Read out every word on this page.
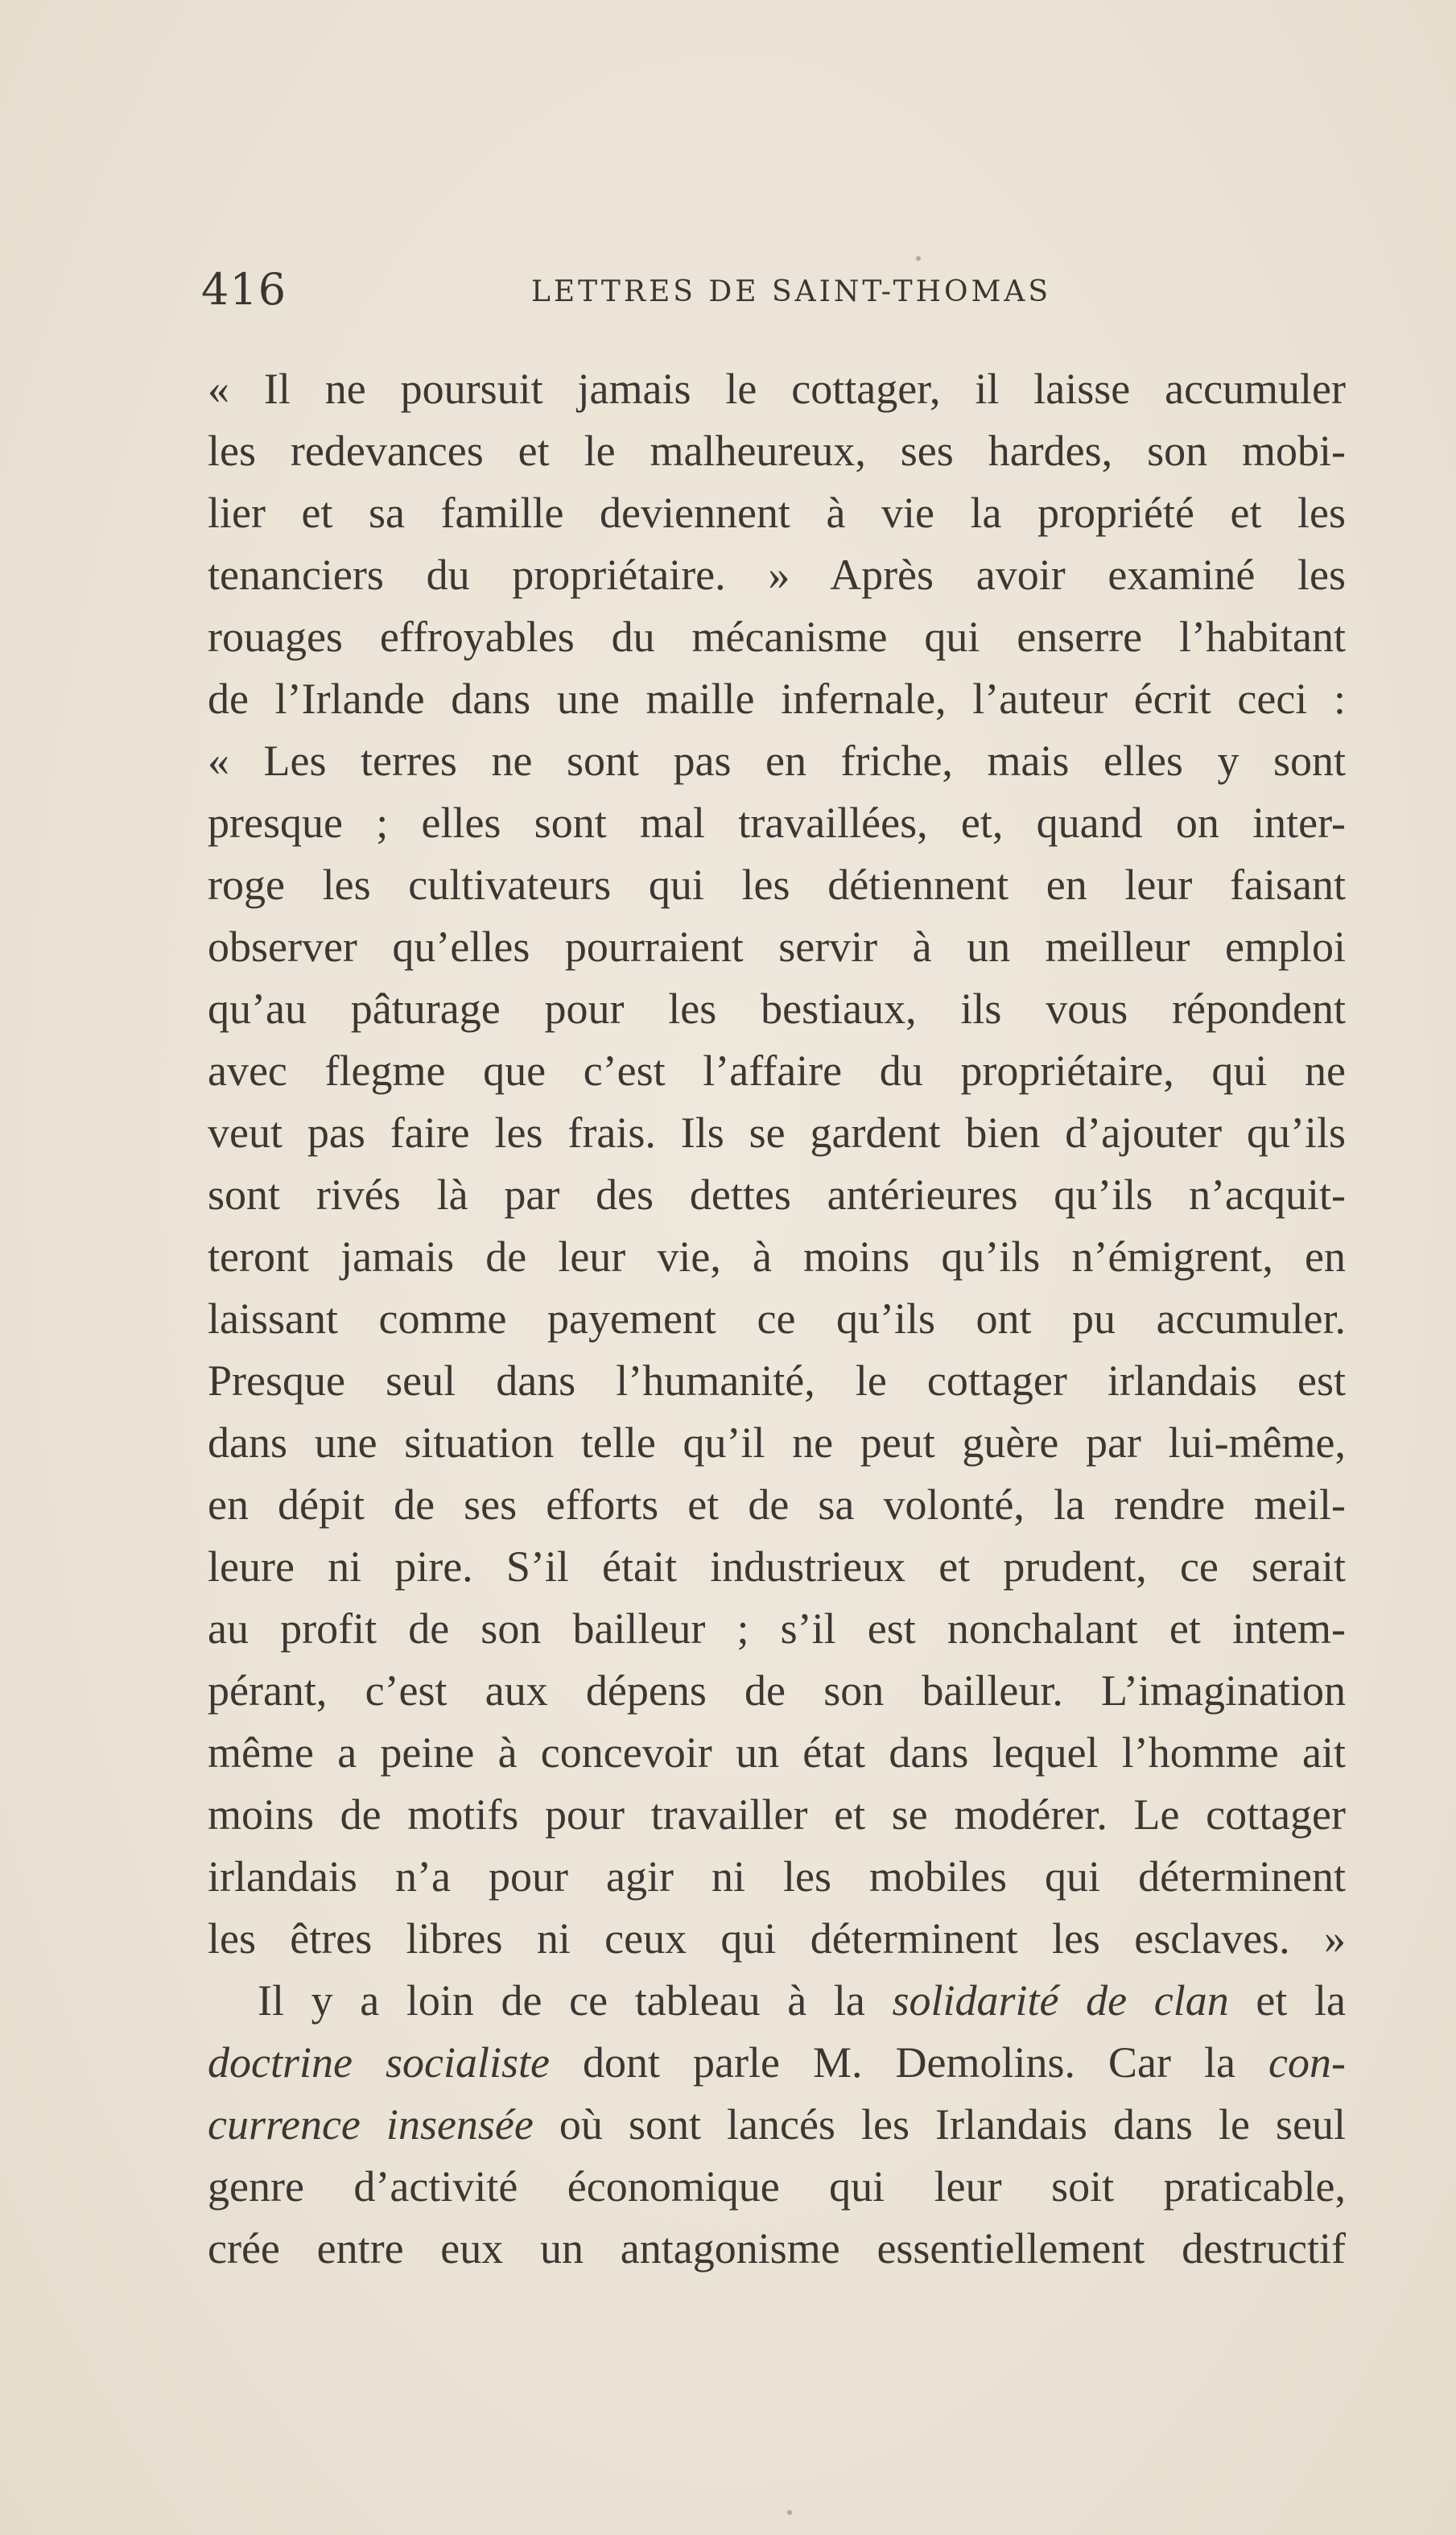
416	LETTRES DE SAINT-THOMAS
« Il ne poursuit jamais le cottager, il laisse accumuler
les redevances et le malheureux, ses hardes, son mobi-
lier et sa famille deviennent à vie la propriété et les
tenanciers du propriétaire. » Après avoir examiné les
rouages effroyables du mécanisme qui enserre l’habitant
de l’Irlande dans une maille infernale, l’auteur écrit ceci :
« Les terres ne sont pas en friche, mais elles y sont
presque ; elles sont mal travaillées, et, quand on inter-
roge les cultivateurs qui les détiennent en leur faisant
observer qu’elles pourraient servir à un meilleur emploi
qu’au pâturage pour les bestiaux, ils vous répondent
avec flegme que c’est l’affaire du propriétaire, qui ne
veut pas faire les frais. Ils se gardent bien d’ajouter qu’ils
sont rivés là par des dettes antérieures qu’ils n’acquit-
teront jamais de leur vie, à moins qu’ils n’émigrent, en
laissant comme payement ce qu’ils ont pu accumuler.
Presque seul dans l’humanité, le cottager irlandais est
dans une situation telle qu’il ne peut guère par lui-même,
en dépit de ses efforts et de sa volonté, la rendre meil-
leure ni pire. S’il était industrieux et prudent, ce serait
au profit de son bailleur ; s’il est nonchalant et intem-
pérant, c’est aux dépens de son bailleur. L’imagination
même a peine à concevoir un état dans lequel l’homme ait
moins de motifs pour travailler et se modérer. Le cottager
irlandais n’a pour agir ni les mobiles qui déterminent
les êtres libres ni ceux qui déterminent les esclaves. »
Il y a loin de ce tableau à la solidarité de clan et la
doctrine socialiste dont parle M. Demolins. Car la con-
currence insensée où sont lancés les Irlandais dans le seul
genre d’activité économique qui leur soit praticable,
crée entre eux un antagonisme essentiellement destructif
